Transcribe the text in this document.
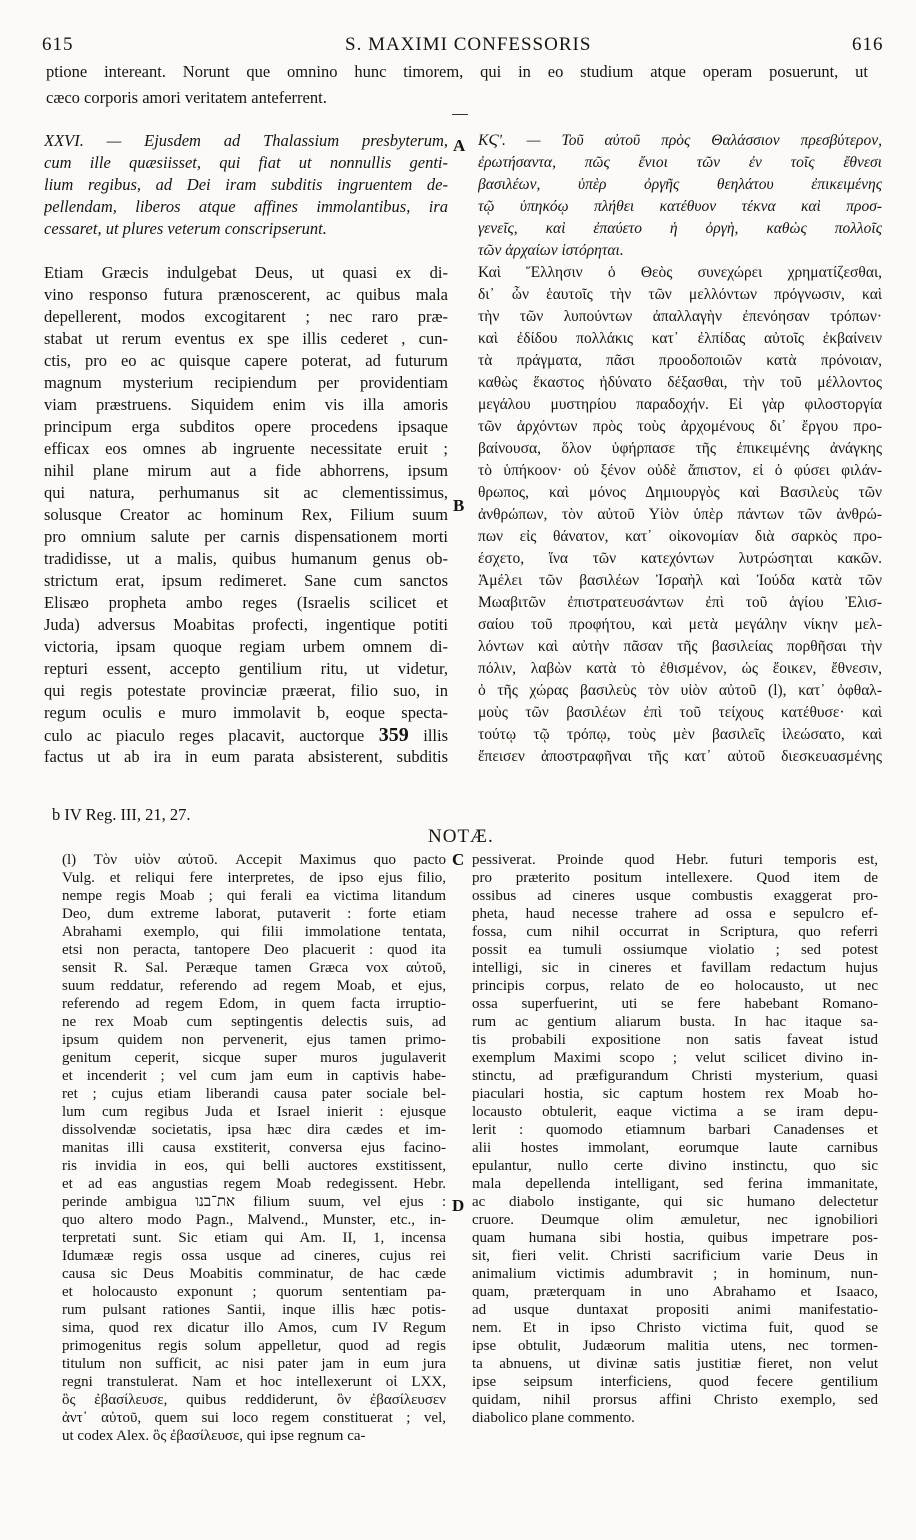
615	S. MAXIMI CONFESSORIS	616
ptione intereant. Norunt que omnino hunc timorem, qui in eo studium atque operam posuerunt, ut
cæco corporis amori veritatem anteferrent.
A
B
C
D
XXVI. — Ejusdem ad Thalassium presbyterum,
cum ille quæsiisset, qui fiat ut nonnullis genti-
lium regibus, ad Dei iram subditis ingruentem de-
pellendam, liberos atque affines immolantibus, ira
cessaret, ut plures veterum conscripserunt.
Etiam Græcis indulgebat Deus, ut quasi ex di-
vino responso futura prænoscerent, ac quibus mala
depellerent, modos excogitarent ; nec raro præ-
stabat ut rerum eventus ex spe illis cederet , cun-
ctis, pro eo ac quisque capere poterat, ad futurum
magnum mysterium recipiendum per providentiam
viam præstruens. Siquidem enim vis illa amoris
principum erga subditos opere procedens ipsaque
efficax eos omnes ab ingruente necessitate eruit ;
nihil plane mirum aut a fide abhorrens, ipsum
qui natura, perhumanus sit ac clementissimus,
solusque Creator ac hominum Rex, Filium suum
pro omnium salute per carnis dispensationem morti
tradidisse, ut a malis, quibus humanum genus ob-
strictum erat, ipsum redimeret. Sane cum sanctos
Elisæo propheta ambo reges (Israelis scilicet et
Juda) adversus Moabitas profecti, ingentique potiti
victoria, ipsam quoque regiam urbem omnem di-
repturi essent, accepto gentilium ritu, ut videtur,
qui regis potestate provinciæ præerat, filio suo, in
regum oculis e muro immolavit b, eoque specta-
culo ac piaculo reges placavit, auctorque 359 illis
factus ut ab ira in eum parata absisterent, subditis
ΚϚʹ. — Τοῦ αὐτοῦ πρὸς Θαλάσσιον πρεσβύτερον,
ἐρωτήσαντα, πῶς ἔνιοι τῶν ἐν τοῖς ἔθνεσι
βασιλέων, ὑπὲρ ὀργῆς θεηλάτου ἐπικειμένης
τῷ ὑπηκόῳ πλήθει κατέθυον τέκνα καὶ προσ-
γενεῖς, καὶ ἐπαύετο ἡ ὀργὴ, καθὼς πολλοῖς
τῶν ἀρχαίων ἱστόρηται.
Καὶ Ἕλλησιν ὁ Θεὸς συνεχώρει χρηματίζεσθαι,
δι᾽ ὧν ἑαυτοῖς τὴν τῶν μελλόντων πρόγνωσιν, καὶ
τὴν τῶν λυπούντων ἀπαλλαγὴν ἐπενόησαν τρόπων·
καὶ ἐδίδου πολλάκις κατ᾽ ἐλπίδας αὐτοῖς ἐκβαίνειν
τὰ πράγματα, πᾶσι προοδοποιῶν κατὰ πρόνοιαν,
καθὼς ἕκαστος ἠδύνατο δέξασθαι, τὴν τοῦ μέλλοντος
μεγάλου μυστηρίου παραδοχήν. Εἰ γὰρ φιλοστοργία
τῶν ἀρχόντων πρὸς τοὺς ἀρχομένους δι᾽ ἔργου προ-
βαίνουσα, ὅλον ὑφήρπασε τῆς ἐπικειμένης ἀνάγκης
τὸ ὑπήκοον· οὐ ξένον οὐδὲ ἄπιστον, εἰ ὁ φύσει φιλάν-
θρωπος, καὶ μόνος Δημιουργὸς καὶ Βασιλεὺς τῶν
ἀνθρώπων, τὸν αὐτοῦ Υἱὸν ὑπὲρ πάντων τῶν ἀνθρώ-
πων εἰς θάνατον, κατ᾽ οἰκονομίαν διὰ σαρκὸς προ-
έσχετο, ἵνα τῶν κατεχόντων λυτρώσηται κακῶν.
Ἀμέλει τῶν βασιλέων Ἰσραὴλ καὶ Ἰούδα κατὰ τῶν
Μωαβιτῶν ἐπιστρατευσάντων ἐπὶ τοῦ ἁγίου Ἐλισ-
σαίου τοῦ προφήτου, καὶ μετὰ μεγάλην νίκην μελ-
λόντων καὶ αὐτὴν πᾶσαν τῆς βασιλείας πορθῆσαι τὴν
πόλιν, λαβὼν κατὰ τὸ ἐθισμένον, ὡς ἔοικεν, ἔθνεσιν,
ὁ τῆς χώρας βασιλεὺς τὸν υἱὸν αὐτοῦ (l), κατ᾽ ὀφθαλ-
μοὺς τῶν βασιλέων ἐπὶ τοῦ τείχους κατέθυσε· καὶ
τούτῳ τῷ τρόπῳ, τοὺς μὲν βασιλεῖς ἱλεώσατο, καὶ
ἔπεισεν ἀποστραφῆναι τῆς κατ᾽ αὐτοῦ διεσκευασμένης
b IV Reg. III, 21, 27.
NOTÆ.
(l) Τὸν υἱὸν αὐτοῦ. Accepit Maximus quo pacto
Vulg. et reliqui fere interpretes, de ipso ejus filio,
nempe regis Moab ; qui ferali ea victima litandum
Deo, dum extreme laborat, putaverit : forte etiam
Abrahami exemplo, qui filii immolatione tentata,
etsi non peracta, tantopere Deo placuerit : quod ita
sensit R. Sal. Peræque tamen Græca vox αὐτοῦ,
suum reddatur, referendo ad regem Moab, et ejus,
referendo ad regem Edom, in quem facta irruptio-
ne rex Moab cum septingentis delectis suis, ad
ipsum quidem non pervenerit, ejus tamen primo-
genitum ceperit, sicque super muros jugulaverit
et incenderit ; vel cum jam eum in captivis habe-
ret ; cujus etiam liberandi causa pater sociale bel-
lum cum regibus Juda et Israel inierit : ejusque
dissolvendæ societatis, ipsa hæc dira cædes et im-
manitas illi causa exstiterit, conversa ejus facino-
ris invidia in eos, qui belli auctores exstitissent,
et ad eas angustias regem Moab redegissent. Hebr.
perinde ambigua את־בנו filium suum, vel ejus :
quo altero modo Pagn., Malvend., Munster, etc., in-
terpretati sunt. Sic etiam qui Am. II, 1, incensa
Idumææ regis ossa usque ad cineres, cujus rei
causa sic Deus Moabitis comminatur, de hac cæde
et holocausto exponunt ; quorum sententiam pa-
rum pulsant rationes Santii, inque illis hæc potis-
sima, quod rex dicatur illo Amos, cum IV Regum
primogenitus regis solum appelletur, quod ad regis
titulum non sufficit, ac nisi pater jam in eum jura
regni transtulerat. Nam et hoc intellexerunt οἱ LXX,
ὃς ἐβασίλευσε, quibus reddiderunt, ὃν ἐβασίλευσεν
ἀντ᾽ αὐτοῦ, quem sui loco regem constituerat ; vel,
ut codex Alex. ὃς ἐβασίλευσε, qui ipse regnum ca-
pessiverat. Proinde quod Hebr. futuri temporis est,
pro præterito positum intellexere. Quod item de
ossibus ad cineres usque combustis exaggerat pro-
pheta, haud necesse trahere ad ossa e sepulcro ef-
fossa, cum nihil occurrat in Scriptura, quo referri
possit ea tumuli ossiumque violatio ; sed potest
intelligi, sic in cineres et favillam redactum hujus
principis corpus, relato de eo holocausto, ut nec
ossa superfuerint, uti se fere habebant Romano-
rum ac gentium aliarum busta. In hac itaque sa-
tis probabili expositione non satis faveat istud
exemplum Maximi scopo ; velut scilicet divino in-
stinctu, ad præfigurandum Christi mysterium, quasi
piaculari hostia, sic captum hostem rex Moab ho-
locausto obtulerit, eaque victima a se iram depu-
lerit : quomodo etiamnum barbari Canadenses et
alii hostes immolant, eorumque laute carnibus
epulantur, nullo certe divino instinctu, quo sic
mala depellenda intelligant, sed ferina immanitate,
ac diabolo instigante, qui sic humano delectetur
cruore. Deumque olim æmuletur, nec ignobiliori
quam humana sibi hostia, quibus impetrare pos-
sit, fieri velit. Christi sacrificium varie Deus in
animalium victimis adumbravit ; in hominum, nun-
quam, præterquam in uno Abrahamo et Isaaco,
ad usque duntaxat propositi animi manifestatio-
nem. Et in ipso Christo victima fuit, quod se
ipse obtulit, Judæorum malitia utens, nec tormen-
ta abnuens, ut divinæ satis justitiæ fieret, non velut
ipse seipsum interficiens, quod fecere gentilium
quidam, nihil prorsus affini Christo exemplo, sed
diabolico plane commento.
